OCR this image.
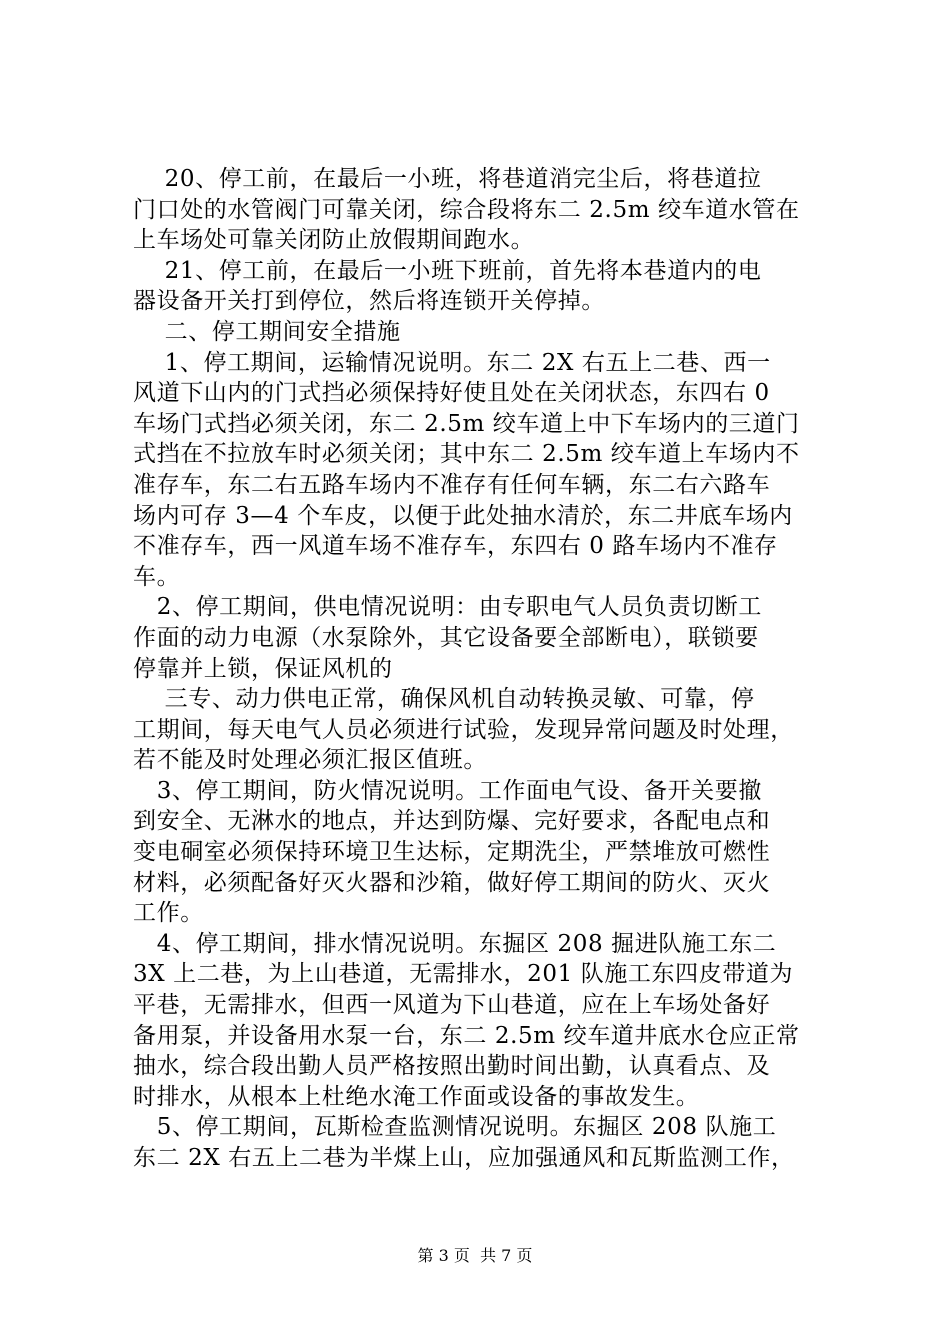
20、停工前，在最后一小班，将巷道消完尘后，将巷道拉
门口处的水管阀门可靠关闭，综合段将东二 2.5m 绞车道水管在
上车场处可靠关闭防止放假期间跑水。
21、停工前，在最后一小班下班前，首先将本巷道内的电
器设备开关打到停位，然后将连锁开关停掉。
二、停工期间安全措施
1、停工期间，运输情况说明。东二 2X 右五上二巷、西一
风道下山内的门式挡必须保持好使且处在关闭状态，东四右 0
车场门式挡必须关闭，东二 2.5m 绞车道上中下车场内的三道门
式挡在不拉放车时必须关闭；其中东二 2.5m 绞车道上车场内不
准存车，东二右五路车场内不准存有任何车辆，东二右六路车
场内可存 3—4 个车皮，以便于此处抽水清於，东二井底车场内
不准存车，西一风道车场不准存车，东四右 0 路车场内不准存
车。
2、停工期间，供电情况说明：由专职电气人员负责切断工
作面的动力电源（水泵除外，其它设备要全部断电），联锁要
停靠并上锁，保证风机的
三专、动力供电正常，确保风机自动转换灵敏、可靠，停
工期间，每天电气人员必须进行试验，发现异常问题及时处理，
若不能及时处理必须汇报区值班。
3、停工期间，防火情况说明。工作面电气设、备开关要撤
到安全、无淋水的地点，并达到防爆、完好要求，各配电点和
变电硐室必须保持环境卫生达标，定期洗尘，严禁堆放可燃性
材料，必须配备好灭火器和沙箱，做好停工期间的防火、灭火
工作。
4、停工期间，排水情况说明。东掘区 208 掘进队施工东二
3X 上二巷，为上山巷道，无需排水，201 队施工东四皮带道为
平巷，无需排水，但西一风道为下山巷道，应在上车场处备好
备用泵，并设备用水泵一台，东二 2.5m 绞车道井底水仓应正常
抽水，综合段出勤人员严格按照出勤时间出勤，认真看点、及
时排水，从根本上杜绝水淹工作面或设备的事故发生。
5、停工期间，瓦斯检查监测情况说明。东掘区 208 队施工
东二 2X 右五上二巷为半煤上山，应加强通风和瓦斯监测工作，
第 3 页  共 7 页
